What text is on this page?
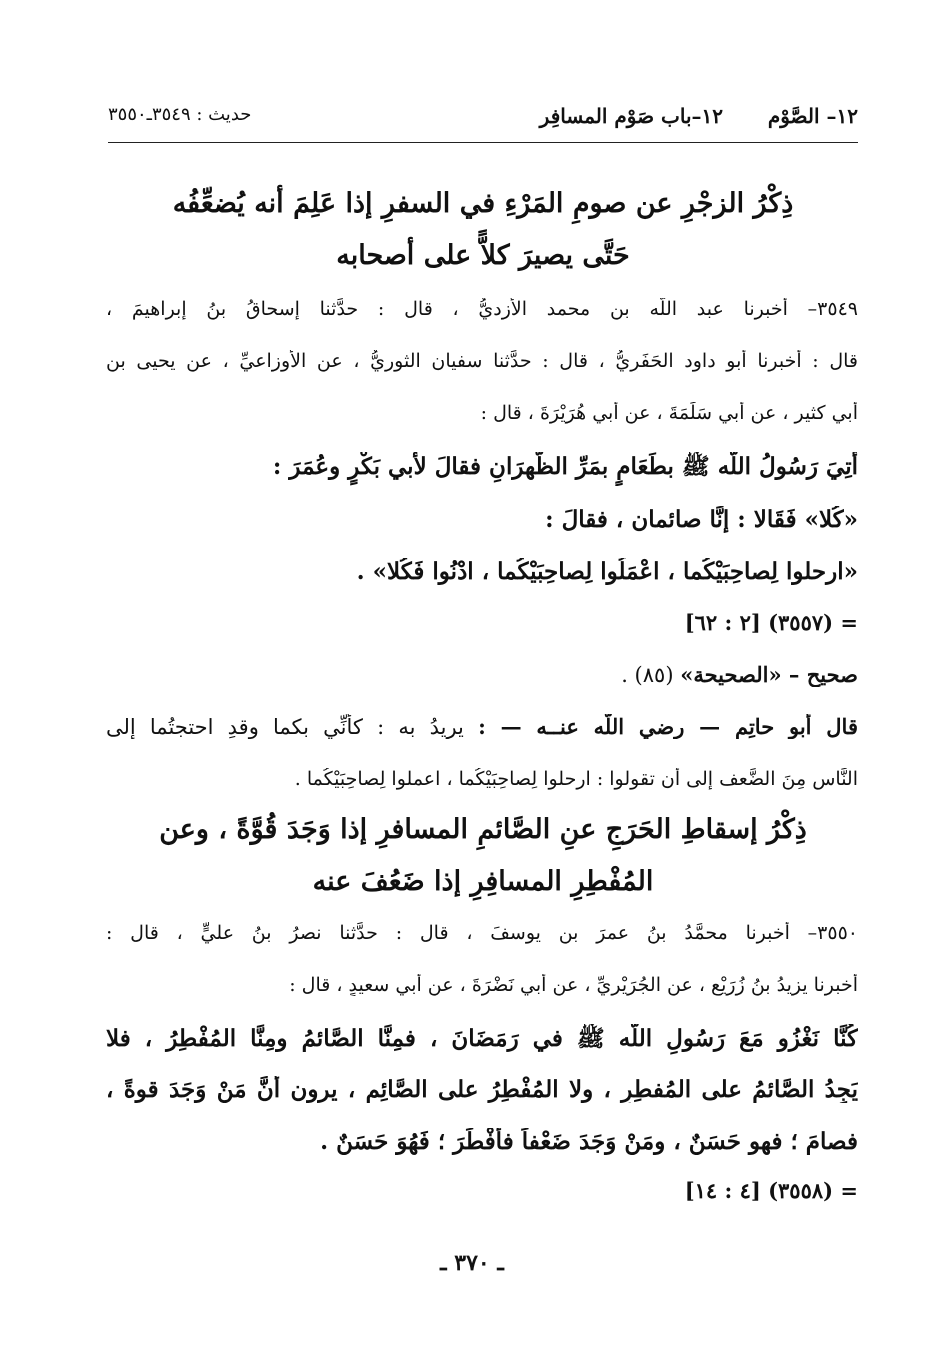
١٢– الصَّوْم
١٢–باب صَوْم المسافِر
حديث : ٣٥٤٩ـ٣٥٥٠
ذِكْرُ الزجْرِ عن صومِ المَرْءِ في السفرِ إذا عَلِمَ أنه يُضعِّفُه
حَتَّى يصيرَ كلاًّ على أصحابه
٣٥٤٩– أخبرنا عبد اللّه بن محمد الأزديُّ ، قال : حدَّثنا إسحاقُ بنُ إبراهيمَ ،
قال : أخبرنا أبو داود الحَفَرِيُّ ، قال : حدَّثنا سفيان الثوريُّ ، عنِ الأوزاعيِّ ، عن يحيى بن
أبي كثير ، عن أبي سَلَمَةَ ، عن أبي هُرَيْرَةَ ، قال :
أُتِيَ رَسُولُ اللّه ﷺ بطَعَامٍ بمَرِّ الظَّهرَانِ فقالَ لأبي بَكْرٍ وعُمَرَ :
«كُلا» فَقَالا : إنَّا صائمان ، فقالَ :
«ارحلوا لِصاحِبَيْكُما ، اعْمَلُوا لِصاحِبَيْكُما ، ادْنُوا فَكُلا» .
= (٣٥٥٧) [٢ : ٦٢]
صحيح – «الصحيحة» (٨٥) .
قال أبو حاتِمٍ — رضي اللّه عنــه — : يريدُ به : كأنِّي بكما وقدِ احتجتُما إلى
النَّاس مِنَ الضَّعف إلى أن تقولوا : ارحلوا لِصاحِبَيْكُما ، اعملوا لِصاحِبَيْكُما .
ذِكْرُ إسقاطِ الحَرَجِ عنِ الصَّائمِ المسافرِ إذا وَجَدَ قُوَّةً ، وعن
المُفْطِرِ المسافِرِ إذا ضَعُفَ عنه
٣٥٥٠– أخبرنا محمَّدُ بنُ عمرَ بنِ يوسفَ ، قال : حدَّثنا نصرُ بنُ عليٍّ ، قال :
أخبرنا يزيدُ بنُ زُرَيْعٍ ، عنِ الجُرَيْرِيِّ ، عن أبي نَضْرَةَ ، عن أبي سعيدٍ ، قال :
كُنَّا نَغْزُو مَعَ رَسُولِ اللّه ﷺ في رَمَضَانَ ، فمِنَّا الصَّائمُ ومِنَّا المُفْطِرُ ، فلا
يَجِدُ الصَّائمُ على المُفطِرِ ، ولا المُفْطِرُ على الصَّائِمِ ، يرون أنَّ مَنْ وَجَدَ قوةً ،
فصامَ ؛ فهو حَسَنٌ ، ومَنْ وَجَدَ ضَعْفاً فأَفْطَرَ ؛ فَهُوَ حَسَنٌ .
= (٣٥٥٨) [٤ : ١٤]
ـ ٣٧٠ ـ
